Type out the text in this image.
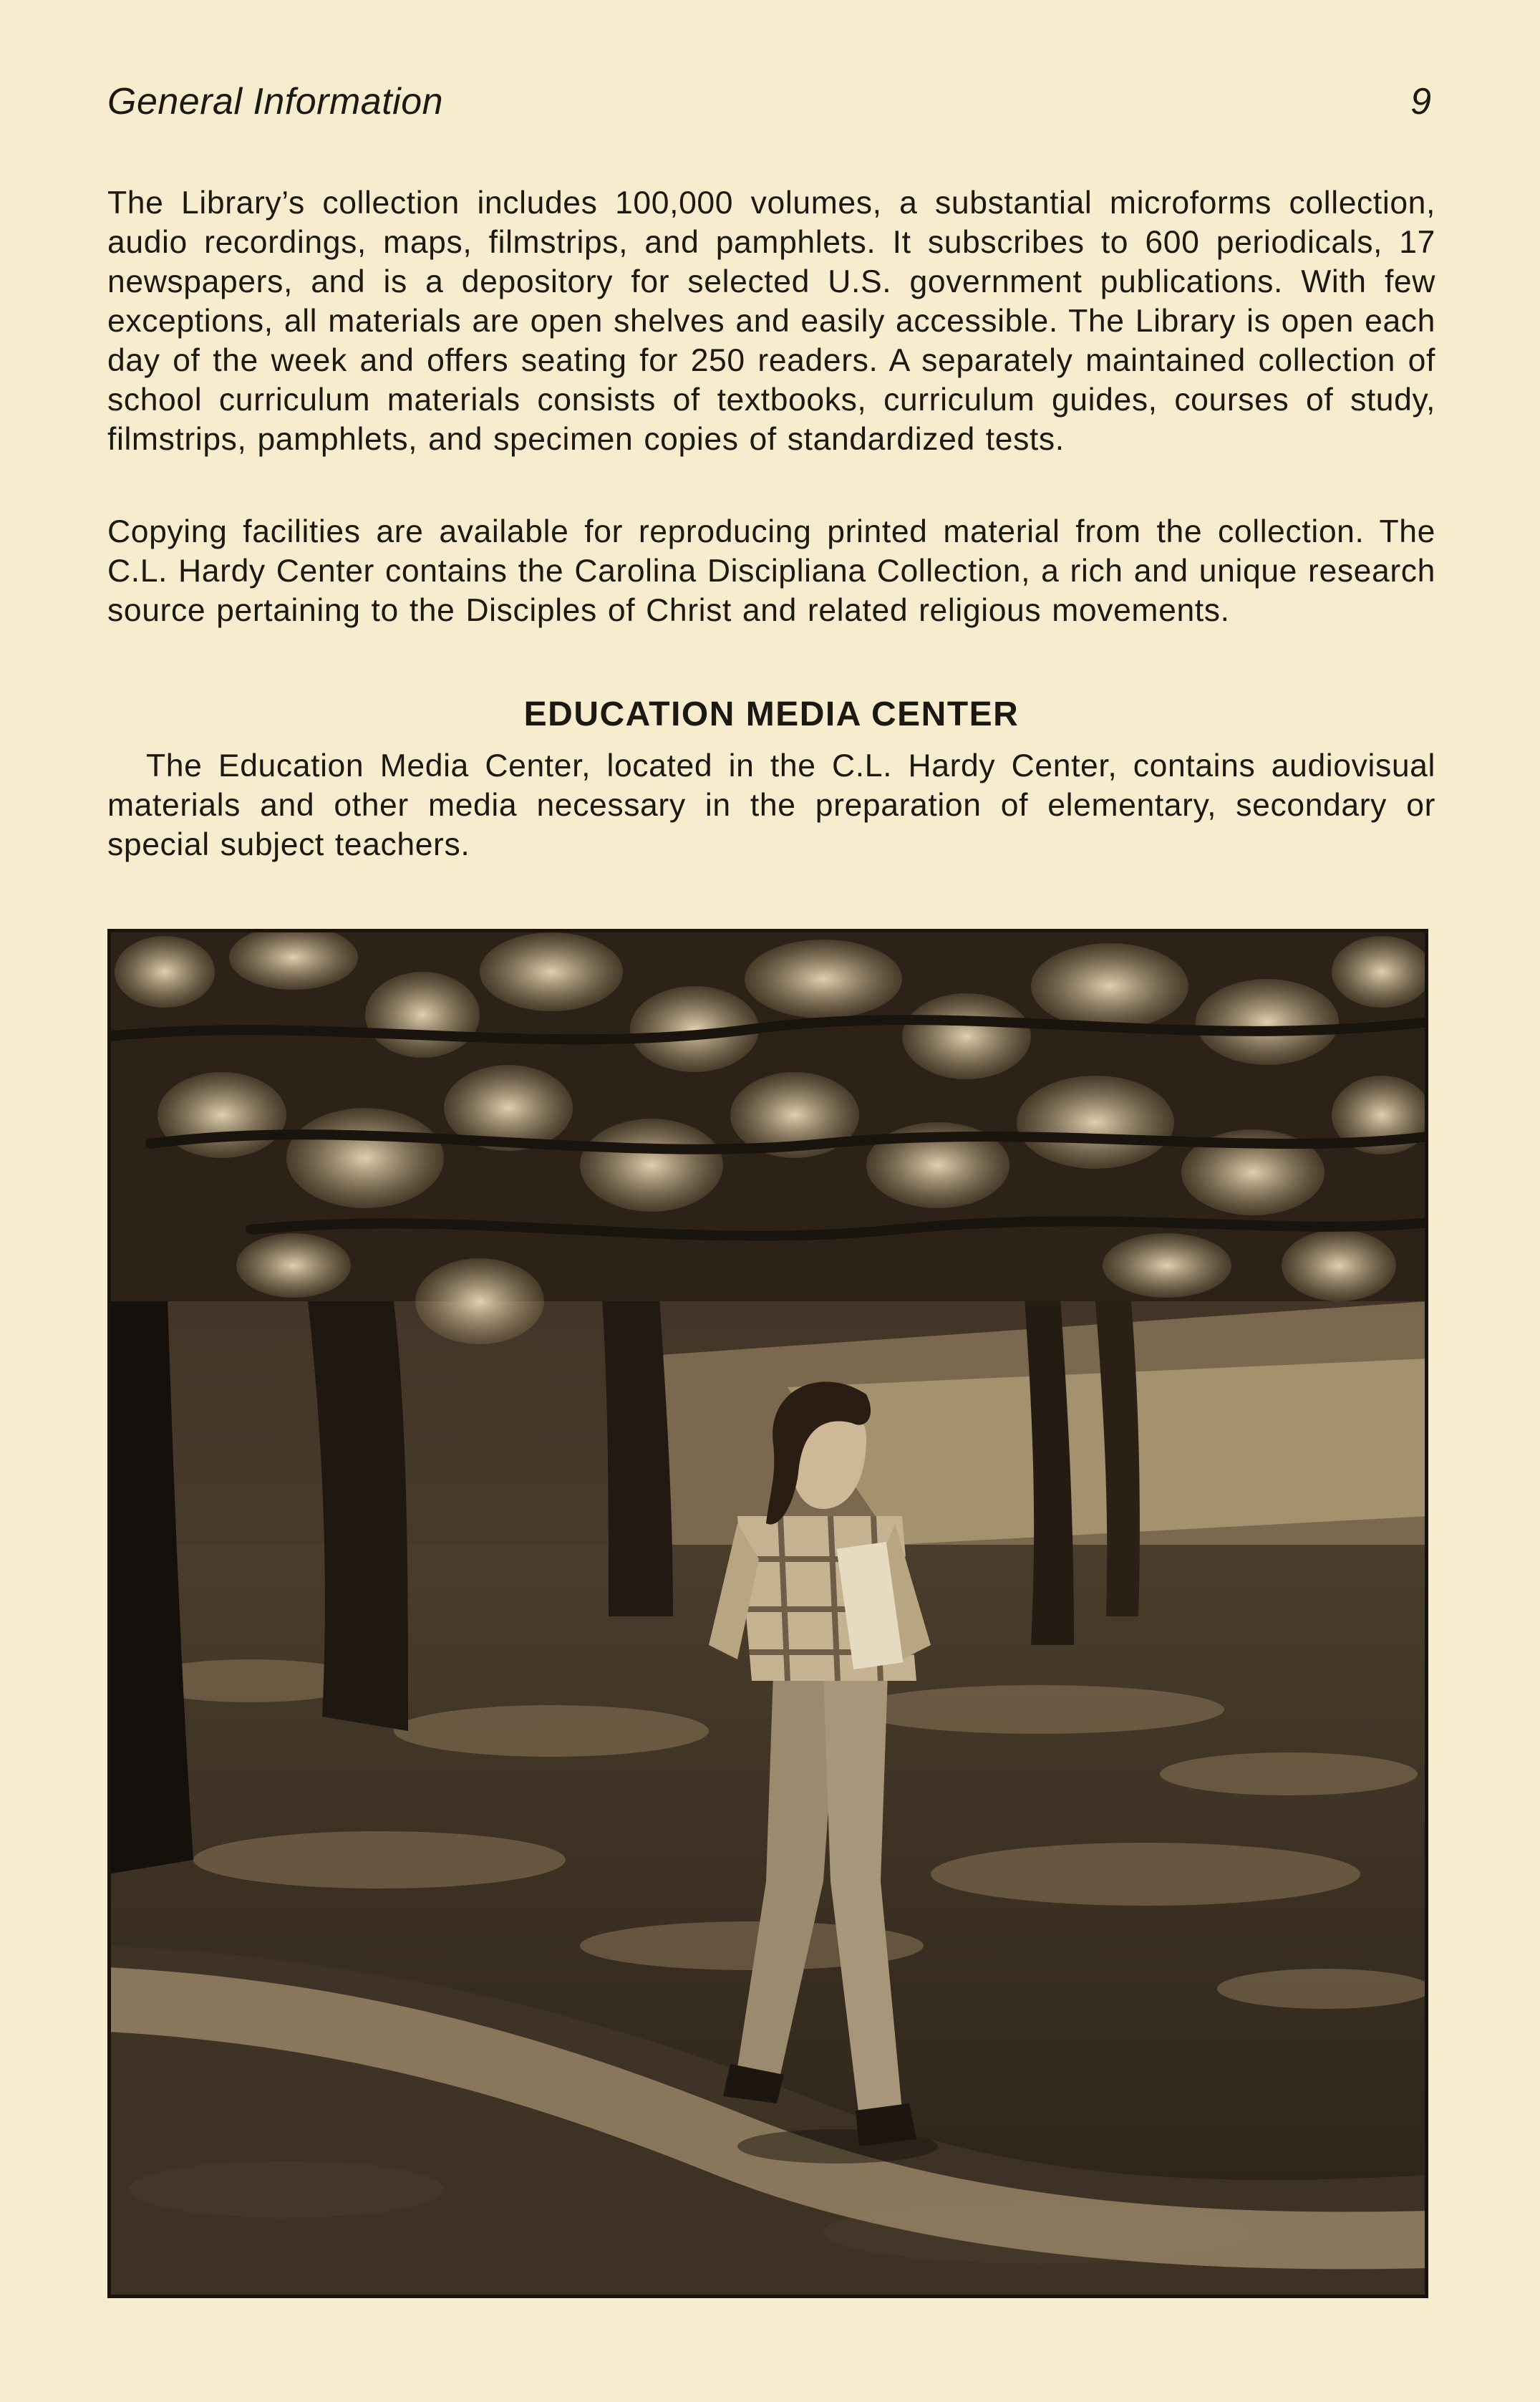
General Information	9

The Library’s collection includes 100,000 volumes, a substantial microforms collection, audio recordings, maps, filmstrips, and pamphlets. It subscribes to 600 periodicals, 17 newspapers, and is a depository for selected U.S. government publications. With few exceptions, all materials are open shelves and easily accessible. The Library is open each day of the week and offers seating for 250 readers. A separately maintained collection of school curriculum materials consists of textbooks, curriculum guides, courses of study, filmstrips, pamphlets, and specimen copies of standardized tests.

Copying facilities are available for reproducing printed material from the collection. The C.L. Hardy Center contains the Carolina Discipliana Collection, a rich and unique research source pertaining to the Disciples of Christ and related religious movements.

EDUCATION MEDIA CENTER

The Education Media Center, located in the C.L. Hardy Center, contains audiovisual materials and other media necessary in the preparation of elementary, secondary or special subject teachers.
